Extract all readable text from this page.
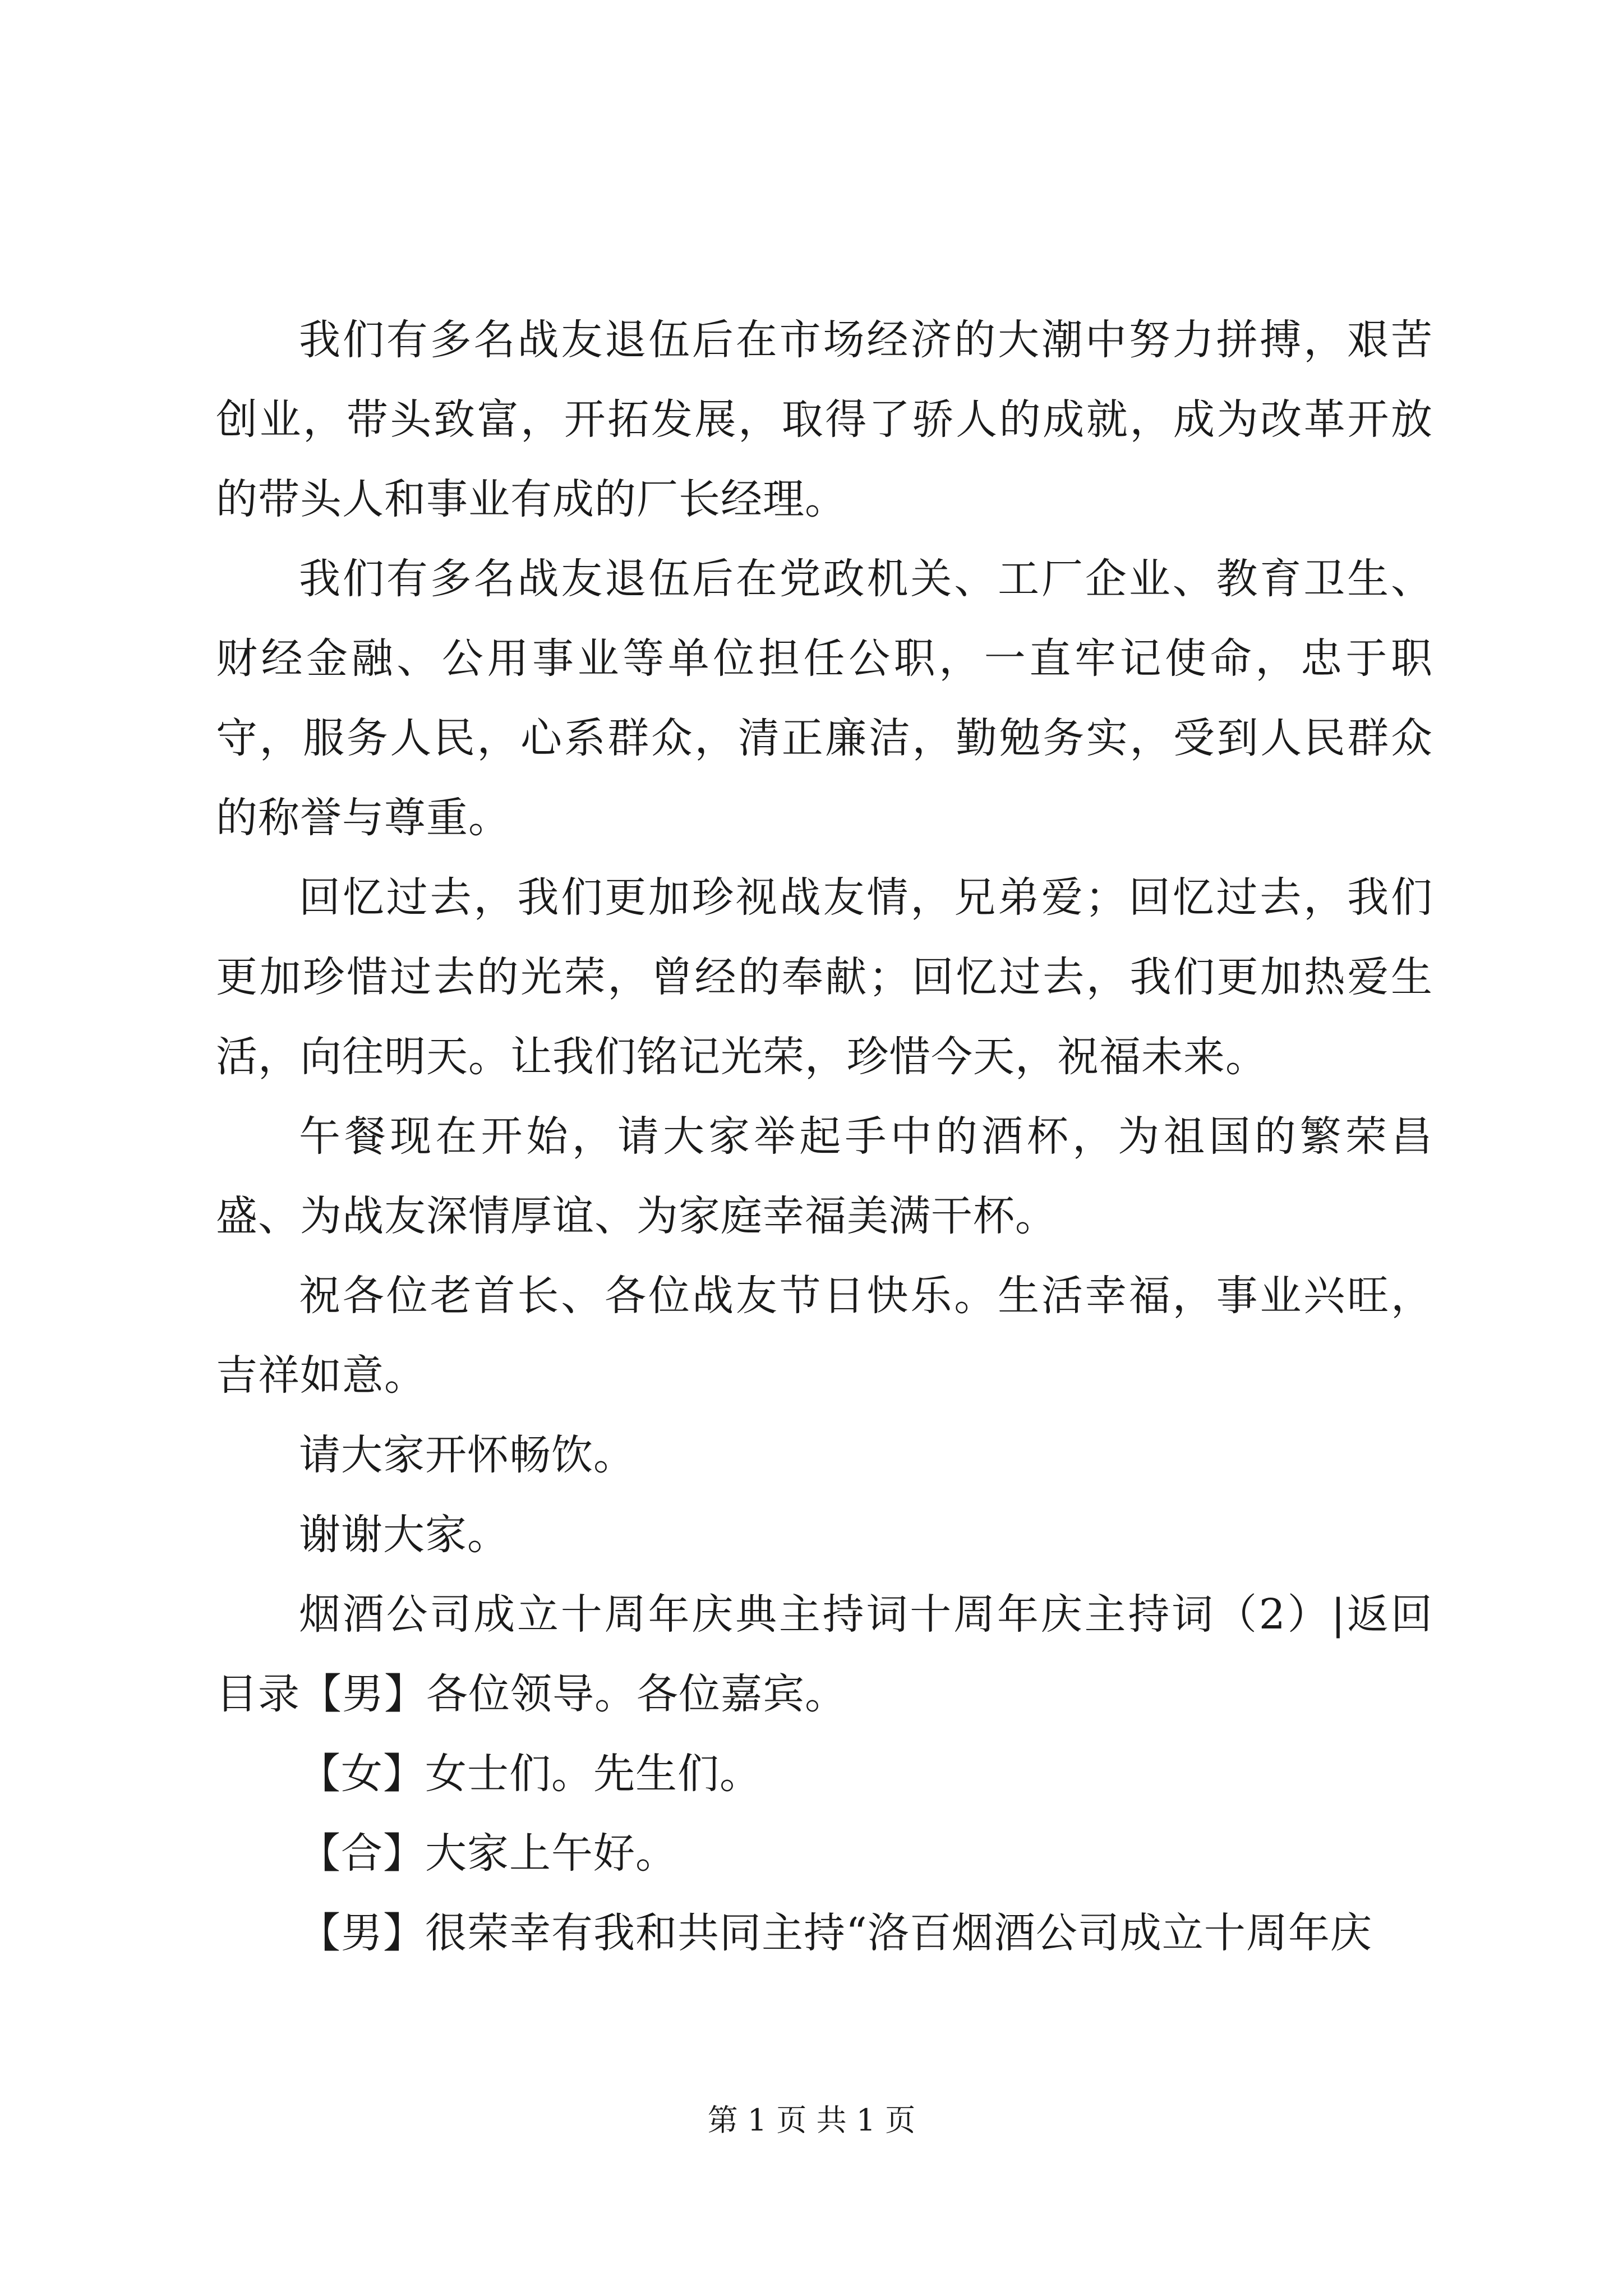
我们有多名战友退伍后在市场经济的大潮中努力拼搏，艰苦创业，带头致富，开拓发展，取得了骄人的成就，成为改革开放的带头人和事业有成的厂长经理。

我们有多名战友退伍后在党政机关、工厂企业、教育卫生、财经金融、公用事业等单位担任公职，一直牢记使命，忠于职守，服务人民，心系群众，清正廉洁，勤勉务实，受到人民群众的称誉与尊重。

回忆过去，我们更加珍视战友情，兄弟爱；回忆过去，我们更加珍惜过去的光荣，曾经的奉献；回忆过去，我们更加热爱生活，向往明天。让我们铭记光荣，珍惜今天，祝福未来。

午餐现在开始，请大家举起手中的酒杯，为祖国的繁荣昌盛、为战友深情厚谊、为家庭幸福美满干杯。

祝各位老首长、各位战友节日快乐。生活幸福，事业兴旺，吉祥如意。

请大家开怀畅饮。

谢谢大家。

烟酒公司成立十周年庆典主持词十周年庆主持词（2）|返回目录【男】各位领导。各位嘉宾。

【女】女士们。先生们。

【合】大家上午好。

【男】很荣幸有我和共同主持“洛百烟酒公司成立十周年庆

第 1 页 共 1 页
